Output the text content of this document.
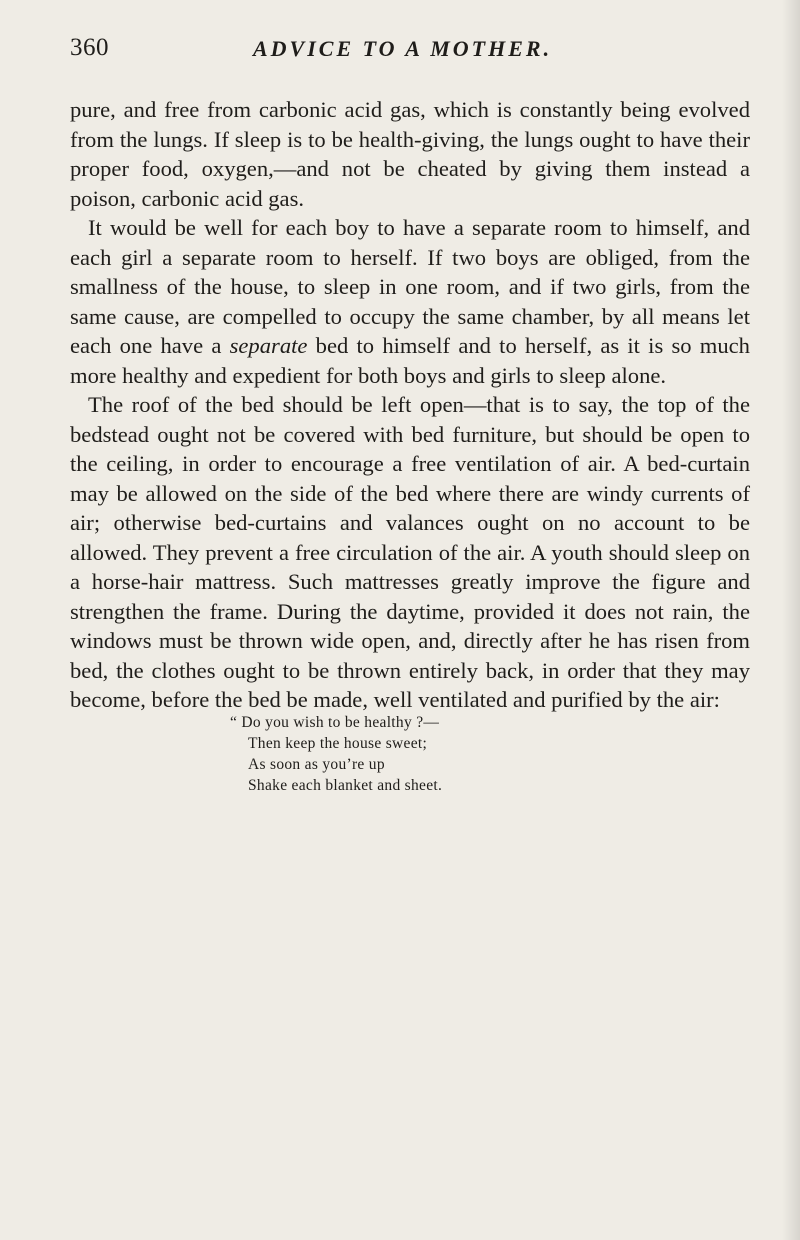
360	ADVICE TO A MOTHER.

pure, and free from carbonic acid gas, which is constantly being evolved from the lungs. If sleep is to be health-giving, the lungs ought to have their proper food, oxygen,—and not be cheated by giving them instead a poison, carbonic acid gas.

It would be well for each boy to have a separate room to himself, and each girl a separate room to herself. If two boys are obliged, from the smallness of the house, to sleep in one room, and if two girls, from the same cause, are compelled to occupy the same chamber, by all means let each one have a separate bed to himself and to herself, as it is so much more healthy and expedient for both boys and girls to sleep alone.

The roof of the bed should be left open—that is to say, the top of the bedstead ought not be covered with bed furniture, but should be open to the ceiling, in order to encourage a free ventilation of air. A bed-curtain may be allowed on the side of the bed where there are windy currents of air; otherwise bed-curtains and valances ought on no account to be allowed. They prevent a free circulation of the air. A youth should sleep on a horse-hair mattress. Such mattresses greatly improve the figure and strengthen the frame. During the daytime, provided it does not rain, the windows must be thrown wide open, and, directly after he has risen from bed, the clothes ought to be thrown entirely back, in order that they may become, before the bed be made, well ventilated and purified by the air:

“ Do you wish to be healthy ?—
Then keep the house sweet;
As soon as you’re up
Shake each blanket and sheet.
